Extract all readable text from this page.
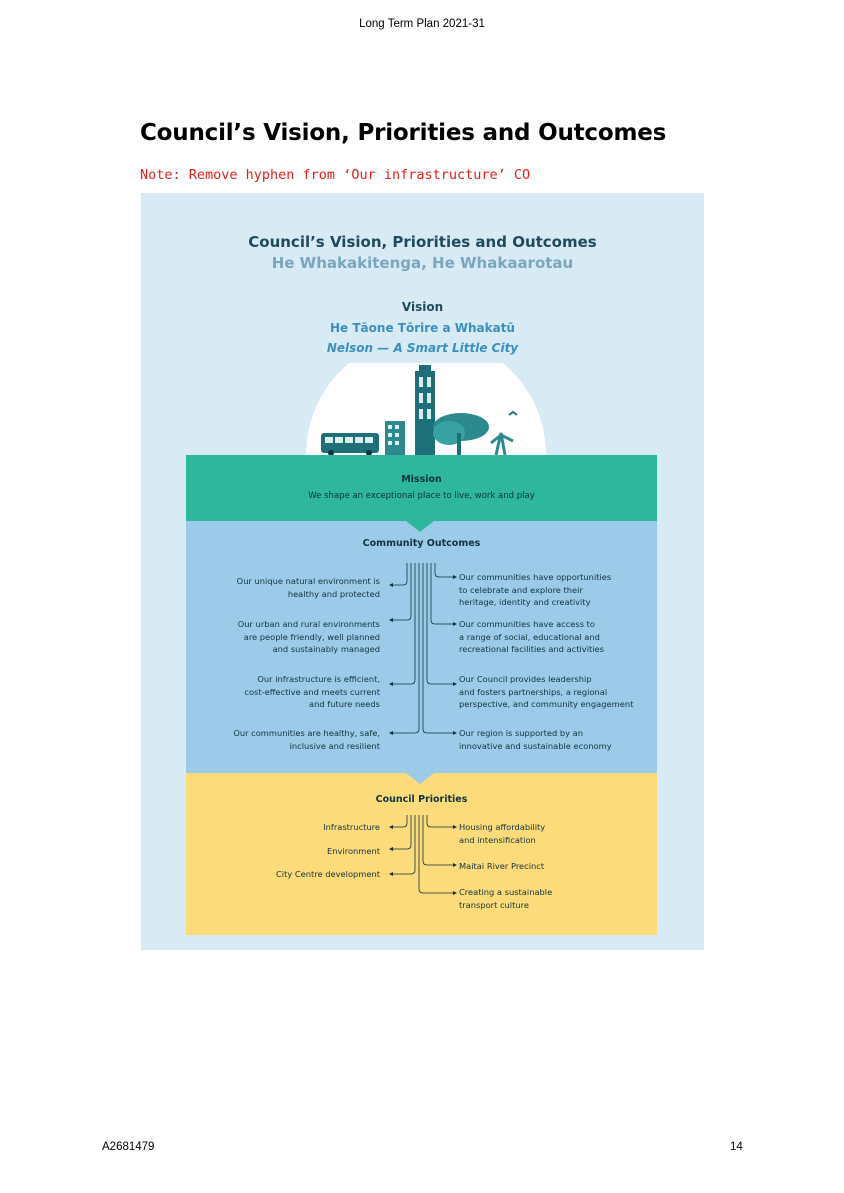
Long Term Plan 2021-31
Council’s Vision, Priorities and Outcomes
Note: Remove hyphen from ‘Our infrastructure’ CO
Council’s Vision, Priorities and Outcomes
He Whakakitenga, He Whakaarotau
Vision
He Tāone Tōrire a Whakatū
Nelson — A Smart Little City
Mission
We shape an exceptional place to live, work and play
Community Outcomes
Council Priorities
Our unique natural environment is
healthy and protected
Our urban and rural environments
are people friendly, well planned
and sustainably managed
Our infrastructure is efficient,
cost-effective and meets current
and future needs
Our communities are healthy, safe,
inclusive and resilient
Our communities have opportunities
to celebrate and explore their
heritage, identity and creativity
Our communities have access to
a range of social, educational and
recreational facilities and activities
Our Council provides leadership
and fosters partnerships, a regional
perspective, and community engagement
Our region is supported by an
innovative and sustainable economy
Infrastructure
Environment
City Centre development
Housing affordability
and intensification
Maitai River Precinct
Creating a sustainable
transport culture
A2681479	14
